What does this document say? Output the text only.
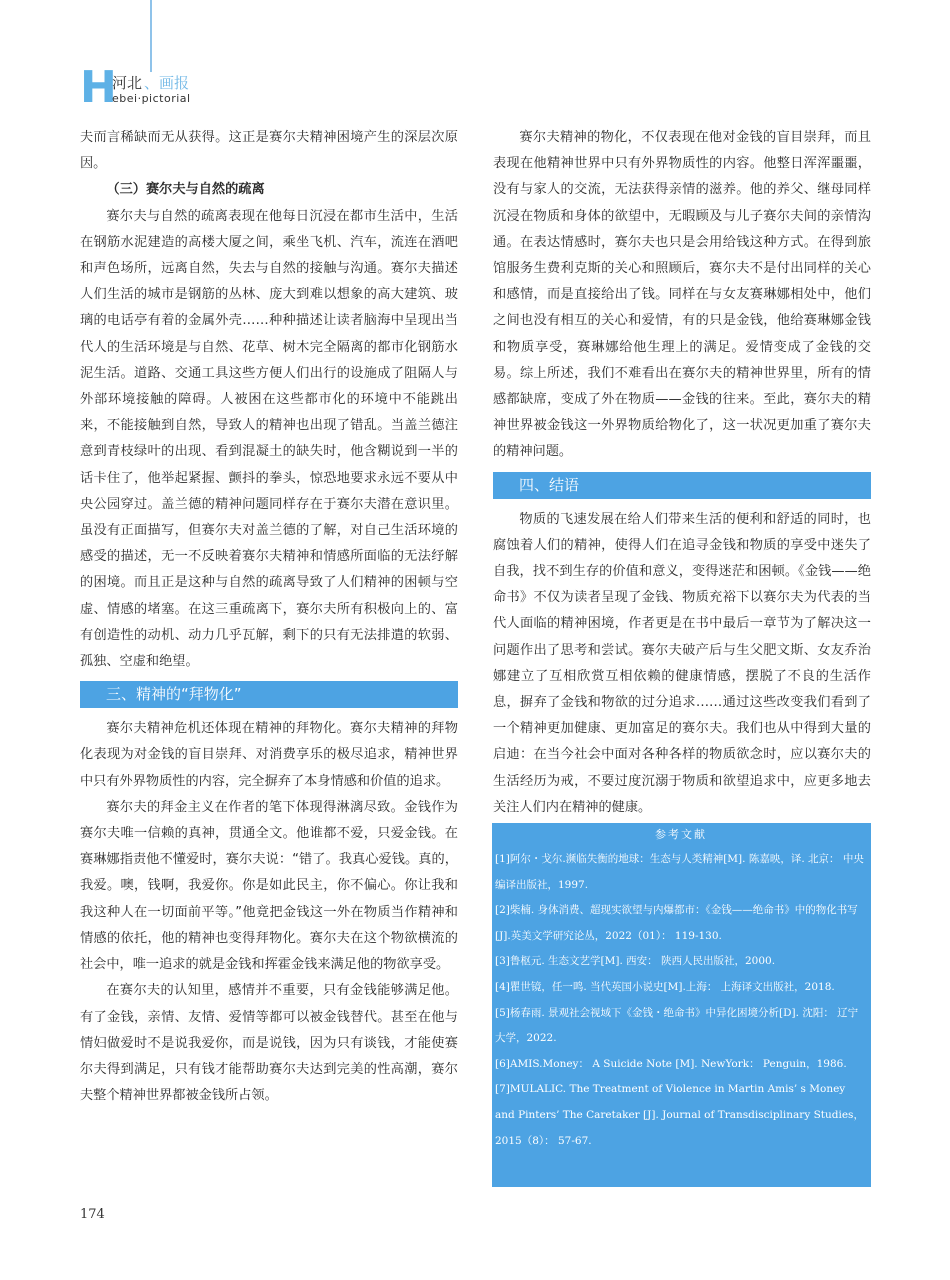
H
河北 、画报
ebei·pictorial

夫而言稀缺而无从获得。这正是赛尔夫精神困境产生的深层次原因。

（三）赛尔夫与自然的疏离

赛尔夫与自然的疏离表现在他每日沉浸在都市生活中，生活在钢筋水泥建造的高楼大厦之间，乘坐飞机、汽车，流连在酒吧和声色场所，远离自然，失去与自然的接触与沟通。赛尔夫描述人们生活的城市是钢筋的丛林、庞大到难以想象的高大建筑、玻璃的电话亭有着的金属外壳……种种描述让读者脑海中呈现出当代人的生活环境是与自然、花草、树木完全隔离的都市化钢筋水泥生活。道路、交通工具这些方便人们出行的设施成了阻隔人与外部环境接触的障碍。人被困在这些都市化的环境中不能跳出来，不能接触到自然，导致人的精神也出现了错乱。当盖兰德注意到青枝绿叶的出现、看到混凝土的缺失时，他含糊说到一半的话卡住了，他举起紧握、颤抖的拳头，惊恐地要求永远不要从中央公园穿过。盖兰德的精神问题同样存在于赛尔夫潜在意识里。虽没有正面描写，但赛尔夫对盖兰德的了解，对自己生活环境的感受的描述，无一不反映着赛尔夫精神和情感所面临的无法纾解的困境。而且正是这种与自然的疏离导致了人们精神的困顿与空虚、情感的堵塞。在这三重疏离下，赛尔夫所有积极向上的、富有创造性的动机、动力几乎瓦解，剩下的只有无法排遣的软弱、孤独、空虚和绝望。

三、精神的“拜物化”

赛尔夫精神危机还体现在精神的拜物化。赛尔夫精神的拜物化表现为对金钱的盲目崇拜、对消费享乐的极尽追求，精神世界中只有外界物质性的内容，完全摒弃了本身情感和价值的追求。

赛尔夫的拜金主义在作者的笔下体现得淋漓尽致。金钱作为赛尔夫唯一信赖的真神，贯通全文。他谁都不爱，只爱金钱。在赛琳娜指责他不懂爱时，赛尔夫说：“错了。我真心爱钱。真的，我爱。噢，钱啊，我爱你。你是如此民主，你不偏心。你让我和我这种人在一切面前平等。”他竟把金钱这一外在物质当作精神和情感的依托，他的精神也变得拜物化。赛尔夫在这个物欲横流的社会中，唯一追求的就是金钱和挥霍金钱来满足他的物欲享受。

在赛尔夫的认知里，感情并不重要，只有金钱能够满足他。有了金钱，亲情、友情、爱情等都可以被金钱替代。甚至在他与情妇做爱时不是说我爱你，而是说钱，因为只有谈钱，才能使赛尔夫得到满足，只有钱才能帮助赛尔夫达到完美的性高潮，赛尔夫整个精神世界都被金钱所占领。

赛尔夫精神的物化，不仅表现在他对金钱的盲目崇拜，而且表现在他精神世界中只有外界物质性的内容。他整日浑浑噩噩，没有与家人的交流，无法获得亲情的滋养。他的养父、继母同样沉浸在物质和身体的欲望中，无暇顾及与儿子赛尔夫间的亲情沟通。在表达情感时，赛尔夫也只是会用给钱这种方式。在得到旅馆服务生费利克斯的关心和照顾后，赛尔夫不是付出同样的关心和感情，而是直接给出了钱。同样在与女友赛琳娜相处中，他们之间也没有相互的关心和爱情，有的只是金钱，他给赛琳娜金钱和物质享受，赛琳娜给他生理上的满足。爱情变成了金钱的交易。综上所述，我们不难看出在赛尔夫的精神世界里，所有的情感都缺席，变成了外在物质——金钱的往来。至此，赛尔夫的精神世界被金钱这一外界物质给物化了，这一状况更加重了赛尔夫的精神问题。

四、结语

物质的飞速发展在给人们带来生活的便利和舒适的同时，也腐蚀着人们的精神，使得人们在追寻金钱和物质的享受中迷失了自我，找不到生存的价值和意义，变得迷茫和困顿。《金钱——绝命书》不仅为读者呈现了金钱、物质充裕下以赛尔夫为代表的当代人面临的精神困境，作者更是在书中最后一章节为了解决这一问题作出了思考和尝试。赛尔夫破产后与生父肥文斯、女友乔治娜建立了互相欣赏互相依赖的健康情感，摆脱了不良的生活作息，摒弃了金钱和物欲的过分追求……通过这些改变我们看到了一个精神更加健康、更加富足的赛尔夫。我们也从中得到大量的启迪：在当今社会中面对各种各样的物质欲念时，应以赛尔夫的生活经历为戒，不要过度沉溺于物质和欲望追求中，应更多地去关注人们内在精神的健康。

参考文献

[1]阿尔・戈尔.濒临失衡的地球：生态与人类精神[M]. 陈嘉映，译. 北京： 中央编译出版社，1997.

[2]柴楠. 身体消费、超现实欲望与内爆都市：《金钱——绝命书》中的物化书写[J].英美文学研究论丛，2022（01）： 119-130.

[3]鲁枢元. 生态文艺学[M]. 西安： 陕西人民出版社，2000.

[4]瞿世镜，任一鸣. 当代英国小说史[M].上海： 上海译文出版社，2018.

[5]杨春雨. 景观社会视域下《金钱・绝命书》中异化困境分析[D]. 沈阳： 辽宁大学，2022.

[6]AMIS.Money： A Suicide Note [M]. NewYork： Penguin，1986.

[7]MULALIC. The Treatment of Violence in Martin Amis’ s Money and Pinters’ The Caretaker [J]. Journal of Transdisciplinary Studies，2015（8）： 57-67.

174
